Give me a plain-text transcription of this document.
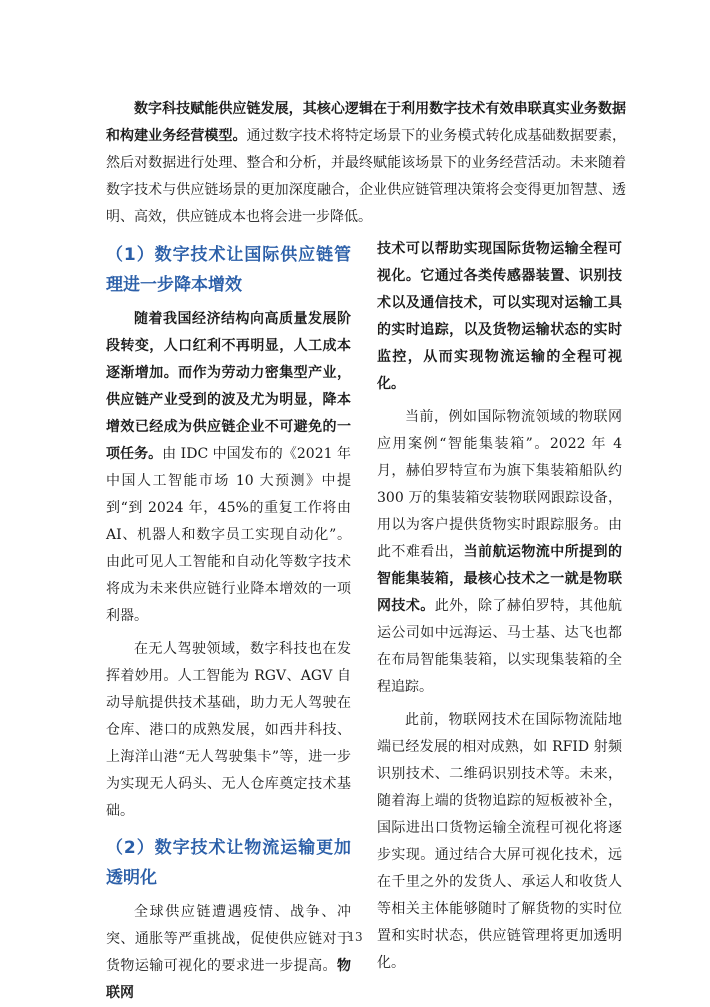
数字科技赋能供应链发展，其核心逻辑在于利用数字技术有效串联真实业务数据和构建业务经营模型。通过数字技术将特定场景下的业务模式转化成基础数据要素，然后对数据进行处理、整合和分析，并最终赋能该场景下的业务经营活动。未来随着数字技术与供应链场景的更加深度融合，企业供应链管理决策将会变得更加智慧、透明、高效，供应链成本也将会进一步降低。

（1）数字技术让国际供应链管理进一步降本增效

随着我国经济结构向高质量发展阶段转变，人口红利不再明显，人工成本逐渐增加。而作为劳动力密集型产业，供应链产业受到的波及尤为明显，降本增效已经成为供应链企业不可避免的一项任务。由 IDC 中国发布的《2021 年中国人工智能市场 10 大预测》中提到“到 2024 年，45%的重复工作将由 AI、机器人和数字员工实现自动化”。由此可见人工智能和自动化等数字技术将成为未来供应链行业降本增效的一项利器。

在无人驾驶领域，数字科技也在发挥着妙用。人工智能为 RGV、AGV 自动导航提供技术基础，助力无人驾驶在仓库、港口的成熟发展，如西井科技、上海洋山港“无人驾驶集卡”等，进一步为实现无人码头、无人仓库奠定技术基础。

（2）数字技术让物流运输更加透明化

全球供应链遭遇疫情、战争、冲突、通胀等严重挑战，促使供应链对于货物运输可视化的要求进一步提高。物联网

技术可以帮助实现国际货物运输全程可视化。它通过各类传感器装置、识别技术以及通信技术，可以实现对运输工具的实时追踪，以及货物运输状态的实时监控，从而实现物流运输的全程可视化。

当前，例如国际物流领域的物联网应用案例“智能集装箱”。2022 年 4 月，赫伯罗特宣布为旗下集装箱船队约 300 万的集装箱安装物联网跟踪设备，用以为客户提供货物实时跟踪服务。由此不难看出，当前航运物流中所提到的智能集装箱，最核心技术之一就是物联网技术。此外，除了赫伯罗特，其他航运公司如中远海运、马士基、达飞也都在布局智能集装箱，以实现集装箱的全程追踪。

此前，物联网技术在国际物流陆地端已经发展的相对成熟，如 RFID 射频识别技术、二维码识别技术等。未来，随着海上端的货物追踪的短板被补全，国际进出口货物运输全流程可视化将逐步实现。通过结合大屏可视化技术，远在千里之外的发货人、承运人和收货人等相关主体能够随时了解货物的实时位置和实时状态，供应链管理将更加透明化。

13
